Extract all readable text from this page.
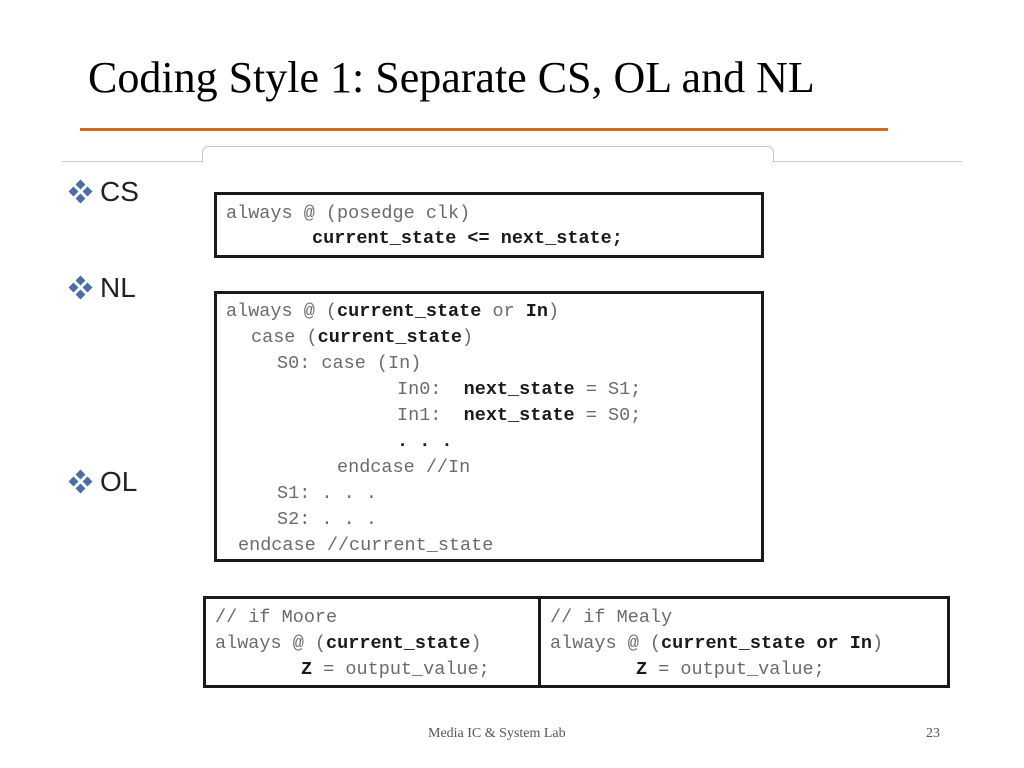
Coding Style 1: Separate CS, OL and NL
CS
NL
OL
always @ (posedge clk)
current_state <= next_state;
always @ (current_state or In)
case (current_state)
S0: case (In)
In0:  next_state = S1;
In1:  next_state = S0;
. . .
endcase //In
S1: . . .
S2: . . .
endcase //current_state
// if Moore
always @ (current_state)
Z = output_value;
// if Mealy
always @ (current_state or In)
Z = output_value;
Media IC & System Lab	23
